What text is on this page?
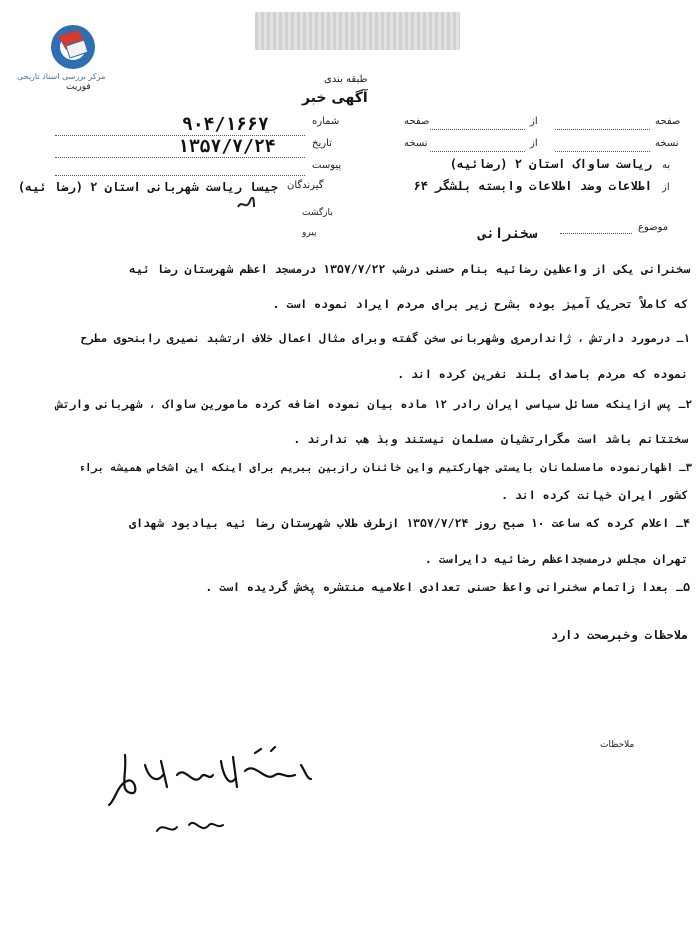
مرکز بررسی اسناد تاریخی
فوریت
طبقه بندی
آگهی خبر
صفحه
از
صفحه
نسخه
از
نسخه
به
ریاست ساواک استان ۲ (رضائیه)
از
اطلاعات وضد اطلاعات وابسته بلشگر ۶۴
شماره
۹۰۴/۱۶۶۷
تاریخ
۱۳۵۷/۷/۲۴
پیوست
گیرندگان
جیسا ریاست شهربانی استان ۲ (رضا ئیه)
بازگشت
پیرو	موضوع
سخنرانی
سخنرانی یکی از واعظین رضائیه بنام حسنی درشب ۱۳۵۷/۷/۲۲ درمسجد اعظم شهرستان رضا ئیه
که کاملاً تحریک آمیز بوده بشرح زیر برای مردم ایراد نموده است .
۱ـ درمورد دارتش ، ژاندارمری وشهربانی سخن گفته وبرای مثال اعمال خلاف ارتشبد نصیری رابنحوی مطرح
نموده که مردم باصدای بلند نفرین کرده اند .
۲ـ پس ازاینکه مسائل سیاسی ایران رادر ۱۲ ماده بیان نموده اضافه کرده مامورین ساواک ، شهربانی وارتش
سختتانم باشد است مگرارتشیان مسلمان نیستند وبذ هب ندارند .
۳ـ اظهارنموده مامسلمانان بایستی جهارکتیم واین خائنان رازبین ببریم برای اینکه این اشخاص همیشه براء
کشور ایران خیانت کرده اند .
۴ـ اعلام کرده که ساعت ۱۰ صبح روز ۱۳۵۷/۷/۲۴ ازطرف طلاب شهرستان رضا ئیه بیادبود شهدای
تهران مجلس درمسجداعظم رضائیه دایراست .
۵ـ بعدا زاتمام سخنرانی واعظ حسنی تعدادی اعلامیه منتشره پخش گردیده است .
ملاحظات وخبرصحت دارد
ملاحظات
